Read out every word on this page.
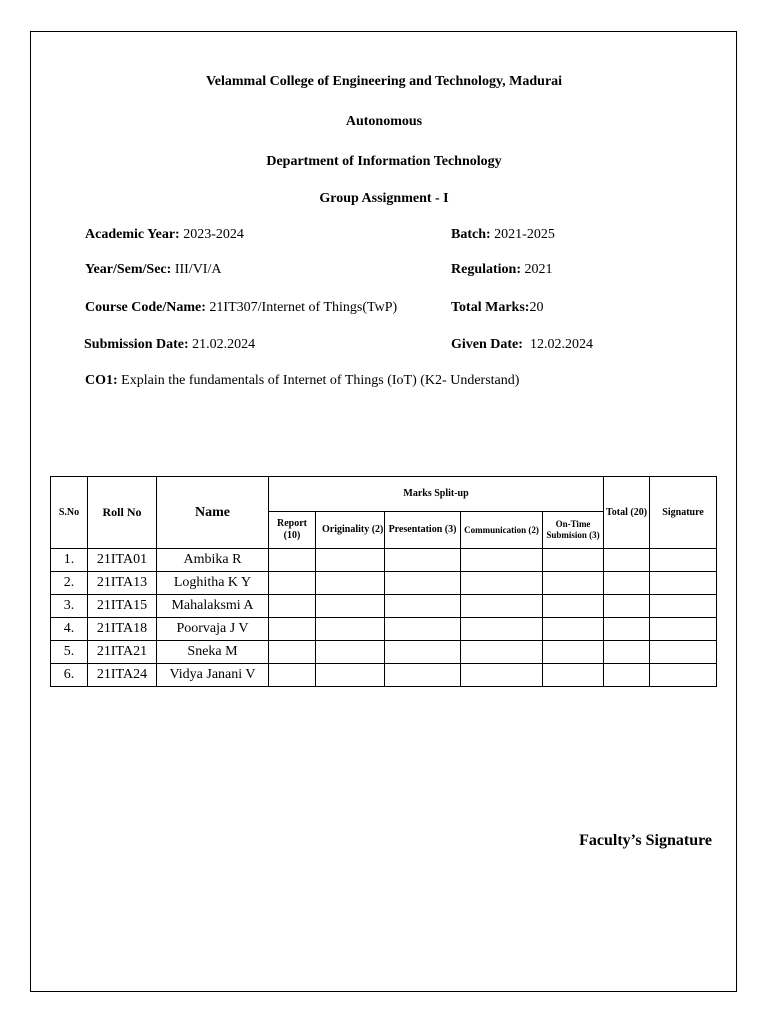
Velammal College of Engineering and Technology, Madurai
Autonomous
Department of Information Technology
Group Assignment - I
Academic Year: 2023-2024	Batch: 2021-2025
Year/Sem/Sec: III/VI/A	Regulation: 2021
Course Code/Name: 21IT307/Internet of Things(TwP)	Total Marks:20
Submission Date: 21.02.2024	Given Date: 12.02.2024
CO1: Explain the fundamentals of Internet of Things (IoT) (K2- Understand)
S.No	Roll No	Name	Marks Split-up					Total (20)	Signature
			Report (10)	Originality (2)	Presentation (3)	Communication (2)	On-Time Submision (3)		
1.	21ITA01	Ambika R							
2.	21ITA13	Loghitha K Y							
3.	21ITA15	Mahalaksmi A							
4.	21ITA18	Poorvaja J V							
5.	21ITA21	Sneka M							
6.	21ITA24	Vidya Janani V							
Faculty’s Signature
